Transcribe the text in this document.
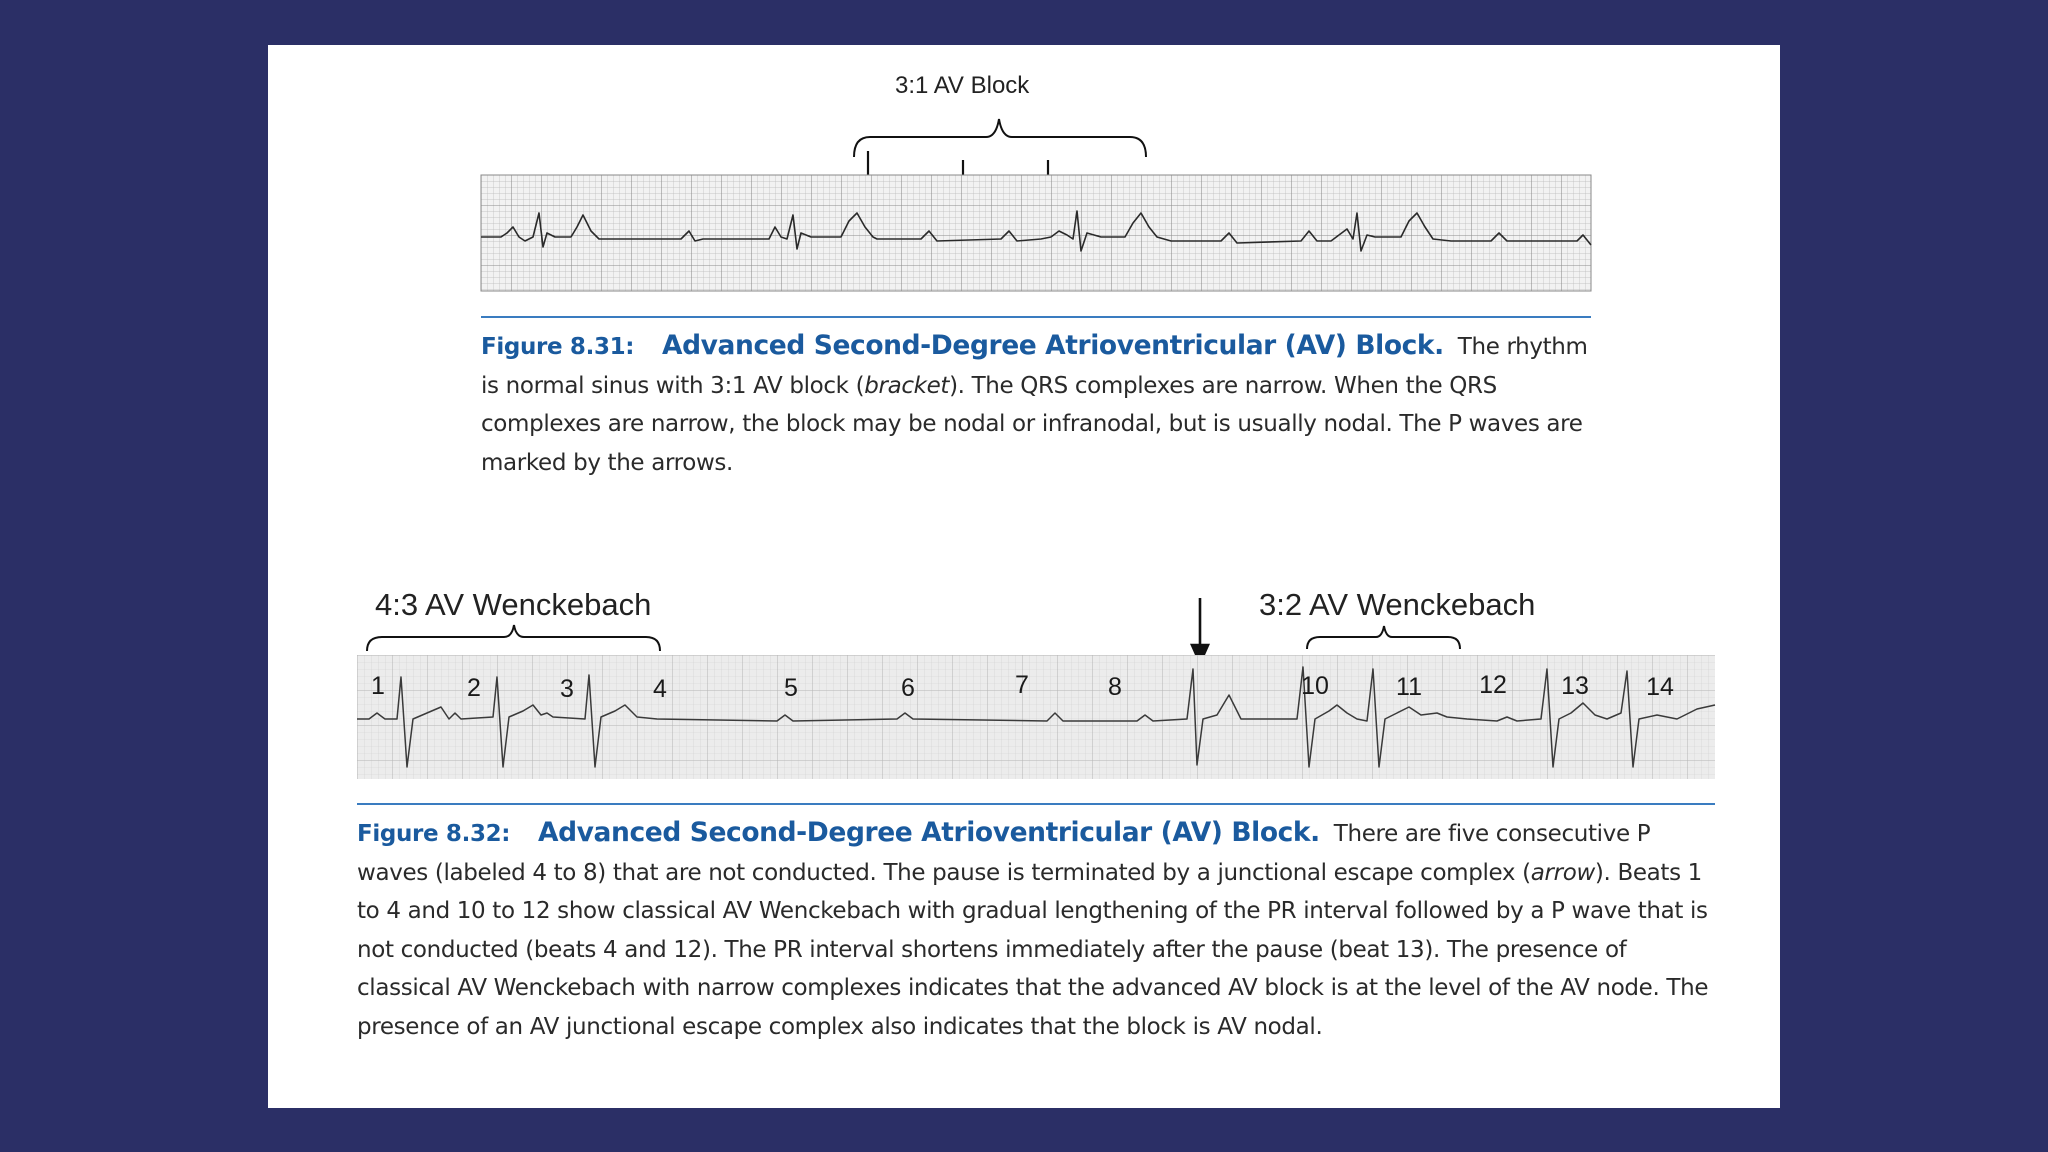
3:1 AV Block
Figure 8.31: Advanced Second-Degree Atrioventricular (AV) Block. The rhythm is normal sinus with 3:1 AV block (bracket). The QRS complexes are narrow. When the QRS complexes are narrow, the block may be nodal or infranodal, but is usually nodal. The P waves are marked by the arrows.
4:3 AV Wenckebach	3:2 AV Wenckebach
1	2	3	4	5	6	7	8	10	11 12 13 14
Figure 8.32: Advanced Second-Degree Atrioventricular (AV) Block. There are five consecutive P waves (labeled 4 to 8) that are not conducted. The pause is terminated by a junctional escape complex (arrow). Beats 1 to 4 and 10 to 12 show classical AV Wenckebach with gradual lengthening of the PR interval followed by a P wave that is not conducted (beats 4 and 12). The PR interval shortens immediately after the pause (beat 13). The presence of classical AV Wenckebach with narrow complexes indicates that the advanced AV block is at the level of the AV node. The presence of an AV junctional escape complex also indicates that the block is AV nodal.
